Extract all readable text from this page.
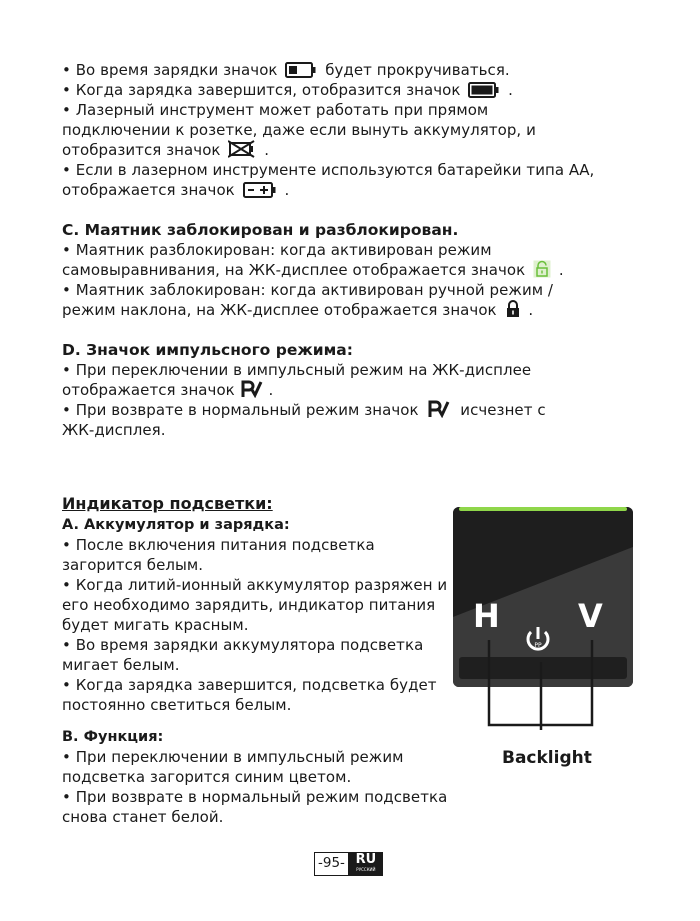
• Во время зарядки значок	будет прокручиваться.

• Когда зарядка завершится, отобразится значок	.

• Лазерный инструмент может работать при прямом

подключении к розетке, даже если вынуть аккумулятор, и

отобразится значок	.

• Если в лазерном инструменте используются батарейки типа АА,

отображается значок	.

C. Маятник заблокирован и разблокирован.

• Маятник разблокирован: когда активирован режим

самовыравнивания, на ЖК-дисплее отображается значок .

• Маятник заблокирован: когда активирован ручной режим /

режим наклона, на ЖК-дисплее отображается значок .

D. Значок импульсного режима:

• При переключении в импульсный режим на ЖК-дисплее

отображается значок .

• При возврате в нормальный режим значок	исчезнет с

ЖК-дисплея.

Индикатор подсветки:

A. Аккумулятор и зарядка:

• После включения питания подсветка

загорится белым.

• Когда литий-ионный аккумулятор разряжен и

его необходимо зарядить, индикатор питания

будет мигать красным.

• Во время зарядки аккумулятора подсветка

мигает белым.

• Когда зарядка завершится, подсветка будет

постоянно светиться белым.

B. Функция:

• При переключении в импульсный режим

подсветка загорится синим цветом.

• При возврате в нормальный режим подсветка

снова станет белой.

H V
PP
Backlight
-95- RU
РУССКИЙ
